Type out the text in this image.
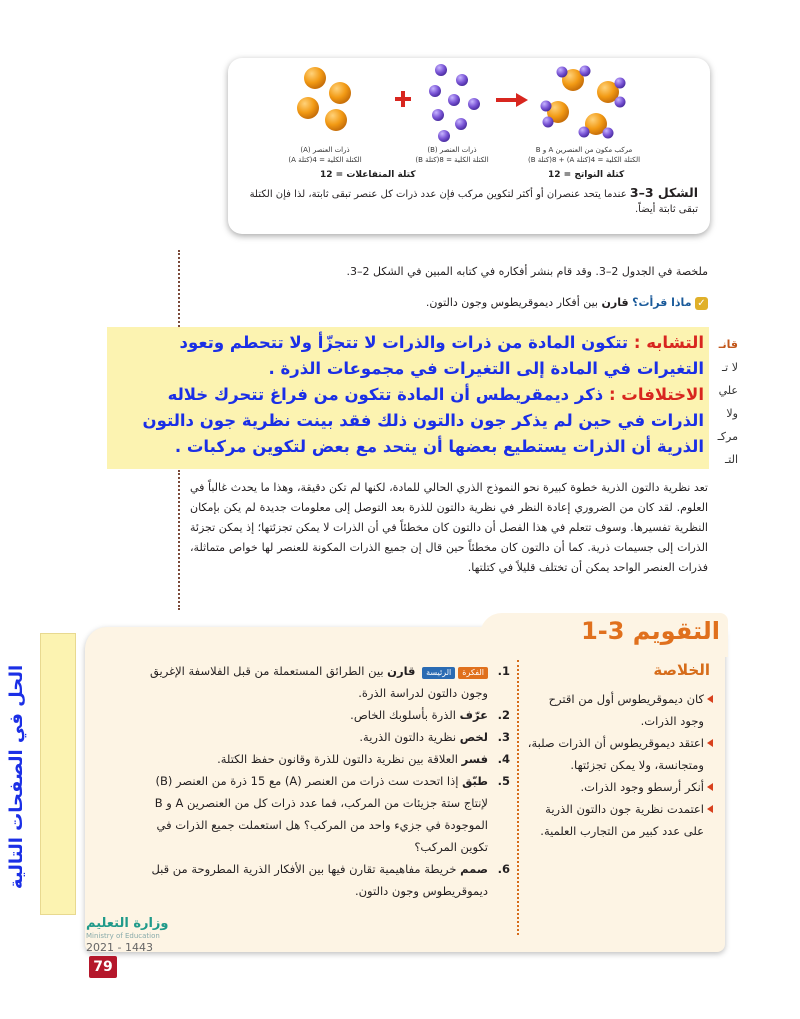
ذرات العنصر (A)
الكتلة الكلية = 4(كتلة A)
ذرات العنصر (B)
الكتلة الكلية = 8(كتلة B)
مركب مكون من العنصرين A و B
الكتلة الكلية = 4(كتلة A) + 8(كتلة B)
كتلة المتفاعلات = 12	كتلة النواتج = 12
الشكل 3–3 عندما يتحد عنصران أو أكثر لتكوين مركب فإن عدد ذرات كل عنصر تبقى ثابتة، لذا فإن الكتلة تبقى ثابتة أيضاً.
ملخصة في الجدول 2–3. وقد قام بنشر أفكاره في كتابه المبين في الشكل 2–3.
✓ ماذا قرأت؟ قارن بين أفكار ديموقريطوس وجون دالتون.
قانـ
لا تـ
علي
ولا
مركـ
التـ
التشابه : تتكون المادة من ذرات والذرات لا تتجزّأ ولا تتحطم وتعود التغيرات في المادة إلى التغيرات في مجموعات الذرة .
الاختلافات : ذكر ديمقريطس أن المادة تتكون من فراغ تتحرك خلاله الذرات في حين لم يذكر جون دالتون ذلك فقد بينت نظرية جون دالتون الذرية أن الذرات يستطيع بعضها أن يتحد مع بعض لتكوين مركبات .
تعد نظرية دالتون الذرية خطوة كبيرة نحو النموذج الذري الحالي للمادة، لكنها لم تكن دقيقة، وهذا ما يحدث غالباً في العلوم. لقد كان من الضروري إعادة النظر في نظرية دالتون للذرة بعد التوصل إلى معلومات جديدة لم يكن بإمكان النظرية تفسيرها. وسوف تتعلم في هذا الفصل أن دالتون كان مخطئاً في أن الذرات لا يمكن تجزئتها؛ إذ يمكن تجزئة الذرات إلى جسيمات ذرية. كما أن دالتون كان مخطئاً حين قال إن جميع الذرات المكونة للعنصر لها خواص متماثلة، فذرات العنصر الواحد يمكن أن تختلف قليلاً في كتلتها.
التقويم 3-1
الخلاصة
كان ديموقريطوس أول من اقترح وجود الذرات.
اعتقد ديموقريطوس أن الذرات صلبة، ومتجانسة، ولا يمكن تجزئتها.
أنكر أرسطو وجود الذرات.
اعتمدت نظرية جون دالتون الذرية على عدد كبير من التجارب العلمية.
1.
الفكرةالرئيسة قارن بين الطرائق المستعملة من قبل الفلاسفة الإغريق وجون دالتون لدراسة الذرة.
2.
عرّف الذرة بأسلوبك الخاص.
3.
لخص نظرية دالتون الذرية.
4.
فسر العلاقة بين نظرية دالتون للذرة وقانون حفظ الكتلة.
5.
طبّق إذا اتحدت ست ذرات من العنصر (A) مع 15 ذرة من العنصر (B) لإنتاج ستة جزيئات من المركب، فما عدد ذرات كل من العنصرين A و B الموجودة في جزيء واحد من المركب؟ هل استعملت جميع الذرات في تكوين المركب؟
6.
صمم خريطة مفاهيمية تقارن فيها بين الأفكار الذرية المطروحة من قبل ديموقريطوس وجون دالتون.
الحل في الصفحات التالية
وزارة التعليم
Ministry of Education
2021 - 1443
79
